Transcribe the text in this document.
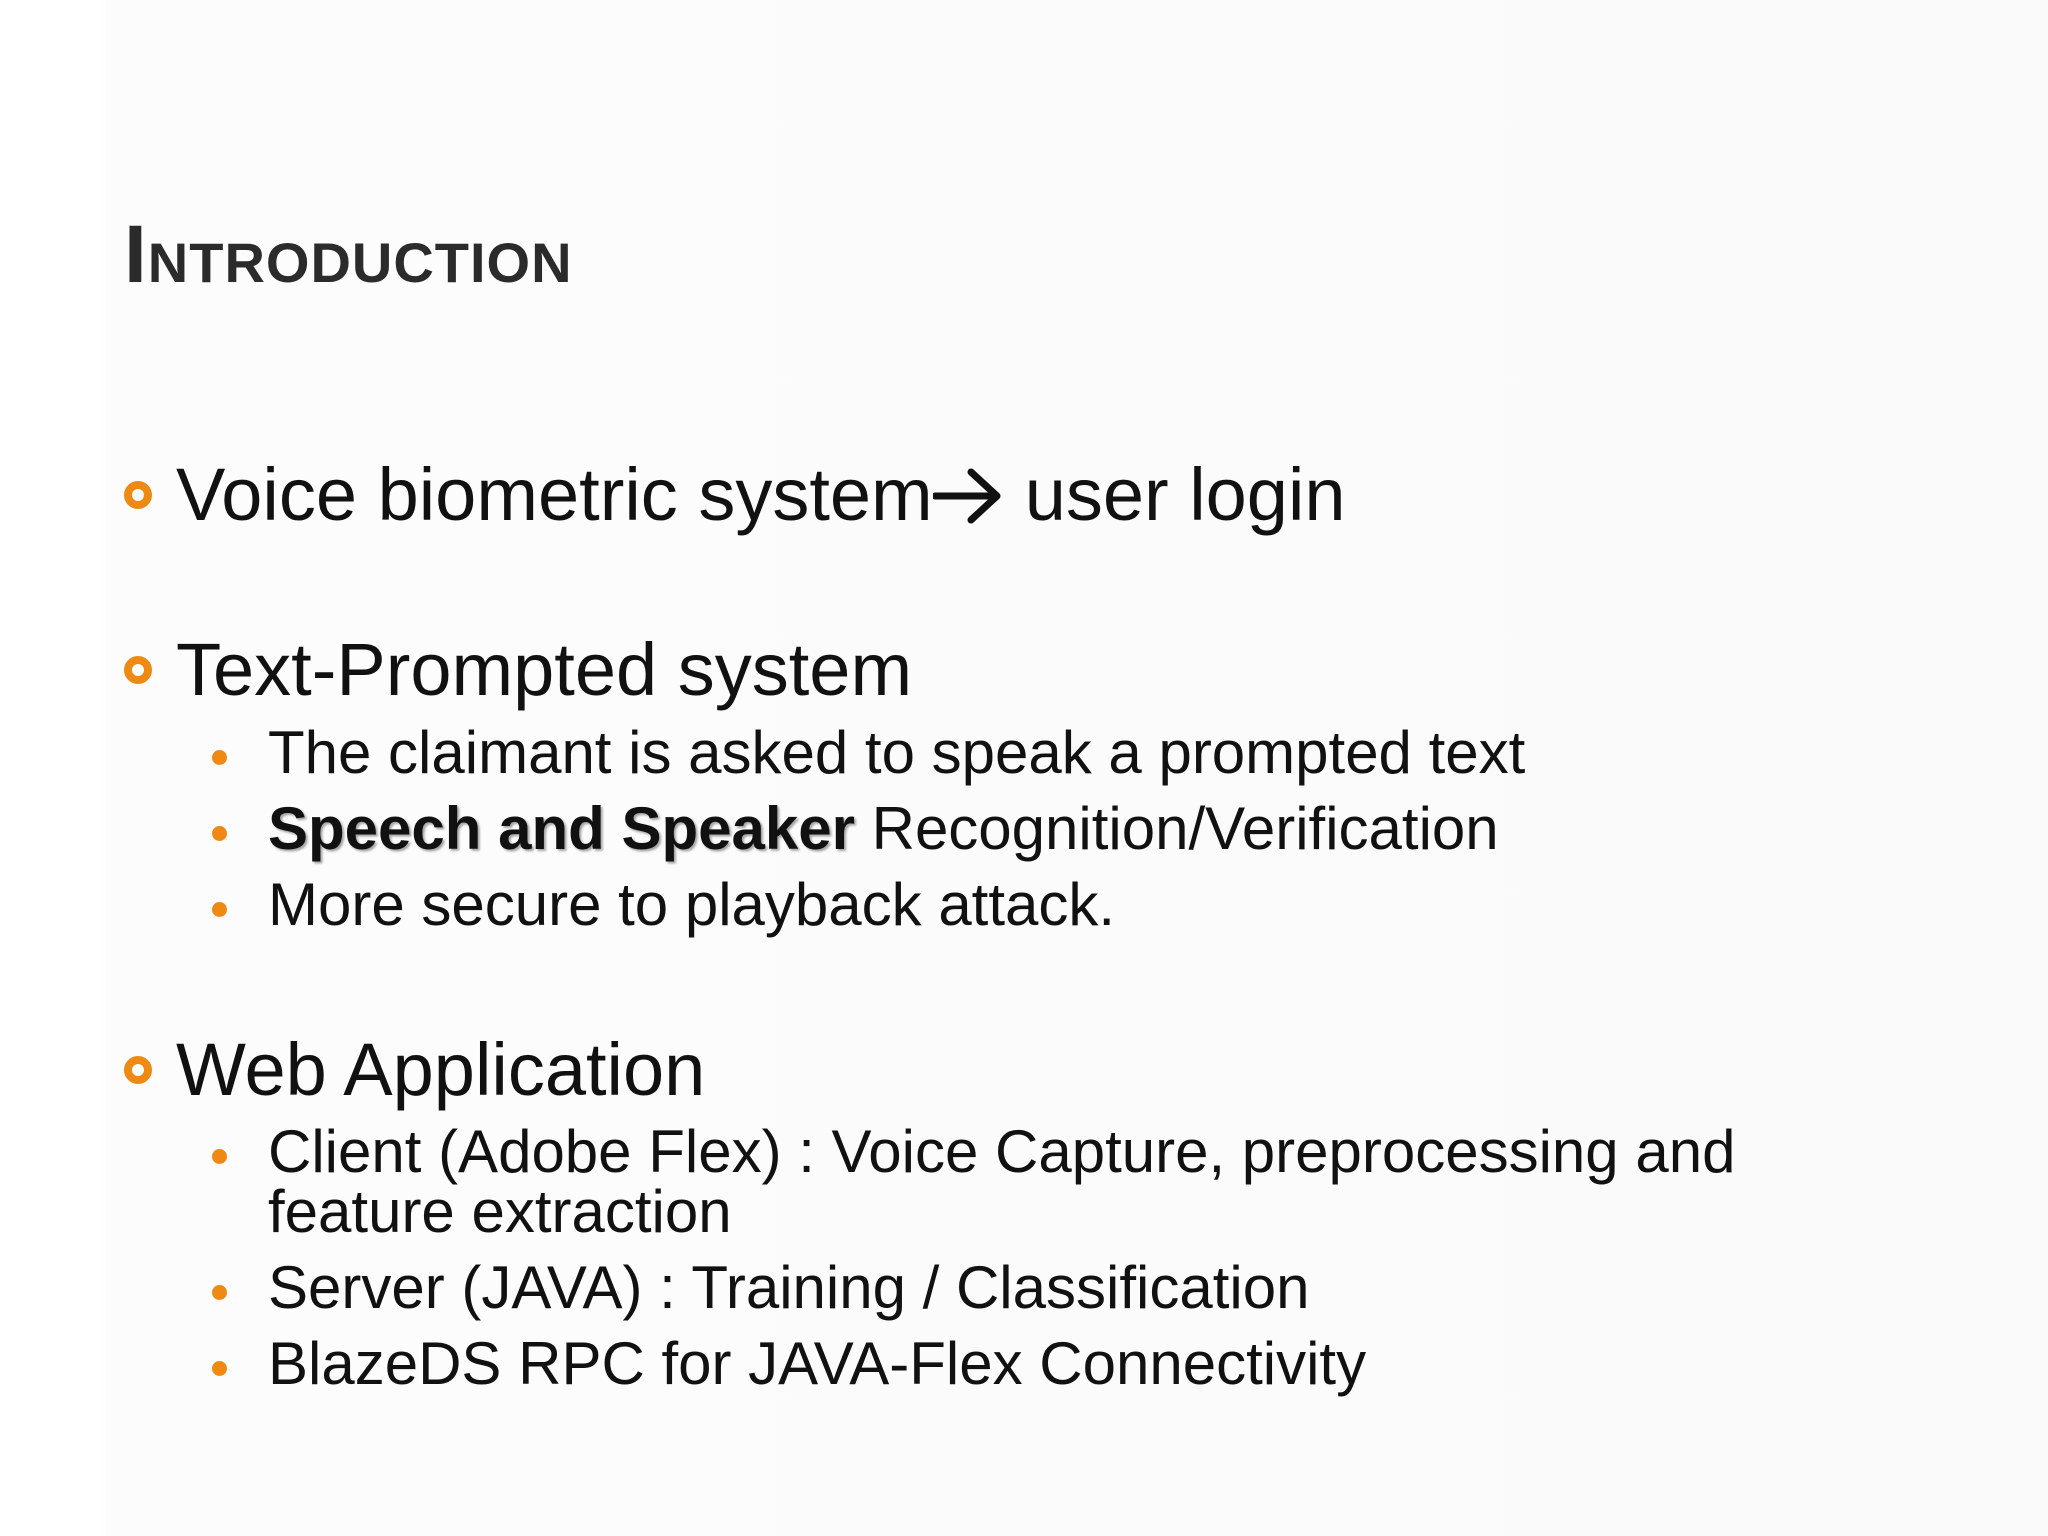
INTRODUCTION
Voice biometric system user login
Text-Prompted system
The claimant is asked to speak a prompted text
Speech and Speaker Recognition/Verification
More secure to playback attack.
Web Application
Client (Adobe Flex) : Voice Capture, preprocessing and
feature extraction
Server (JAVA) : Training / Classification
BlazeDS RPC for JAVA-Flex Connectivity
